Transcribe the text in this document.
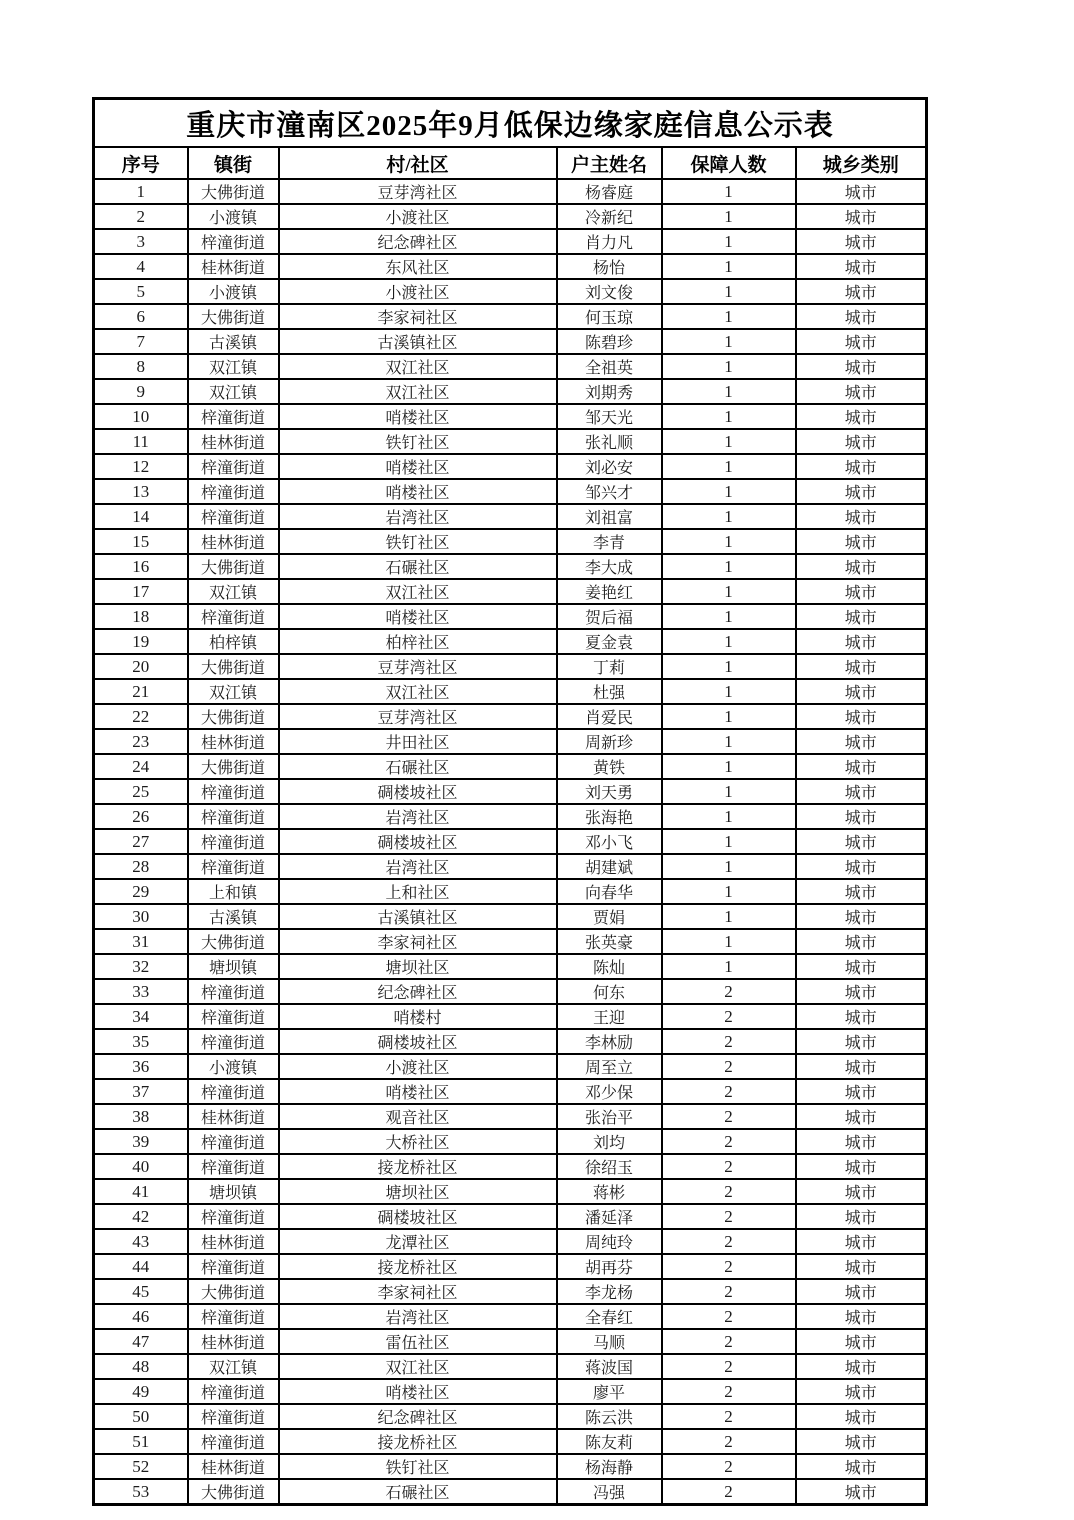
重庆市潼南区2025年9月低保边缘家庭信息公示表					
序号	镇街	村/社区	户主姓名	保障人数	城乡类别
1	大佛街道	豆芽湾社区	杨睿庭	1	城市
2	小渡镇	小渡社区	冷新纪	1	城市
3	梓潼街道	纪念碑社区	肖力凡	1	城市
4	桂林街道	东风社区	杨怡	1	城市
5	小渡镇	小渡社区	刘文俊	1	城市
6	大佛街道	李家祠社区	何玉琼	1	城市
7	古溪镇	古溪镇社区	陈碧珍	1	城市
8	双江镇	双江社区	全祖英	1	城市
9	双江镇	双江社区	刘期秀	1	城市
10	梓潼街道	哨楼社区	邹天光	1	城市
11	桂林街道	铁钉社区	张礼顺	1	城市
12	梓潼街道	哨楼社区	刘必安	1	城市
13	梓潼街道	哨楼社区	邹兴才	1	城市
14	梓潼街道	岩湾社区	刘祖富	1	城市
15	桂林街道	铁钉社区	李青	1	城市
16	大佛街道	石碾社区	李大成	1	城市
17	双江镇	双江社区	姜艳红	1	城市
18	梓潼街道	哨楼社区	贺后福	1	城市
19	柏梓镇	柏梓社区	夏金袁	1	城市
20	大佛街道	豆芽湾社区	丁莉	1	城市
21	双江镇	双江社区	杜强	1	城市
22	大佛街道	豆芽湾社区	肖爱民	1	城市
23	桂林街道	井田社区	周新珍	1	城市
24	大佛街道	石碾社区	黄铁	1	城市
25	梓潼街道	碉楼坡社区	刘天勇	1	城市
26	梓潼街道	岩湾社区	张海艳	1	城市
27	梓潼街道	碉楼坡社区	邓小飞	1	城市
28	梓潼街道	岩湾社区	胡建斌	1	城市
29	上和镇	上和社区	向春华	1	城市
30	古溪镇	古溪镇社区	贾娟	1	城市
31	大佛街道	李家祠社区	张英豪	1	城市
32	塘坝镇	塘坝社区	陈灿	1	城市
33	梓潼街道	纪念碑社区	何东	2	城市
34	梓潼街道	哨楼村	王迎	2	城市
35	梓潼街道	碉楼坡社区	李林励	2	城市
36	小渡镇	小渡社区	周至立	2	城市
37	梓潼街道	哨楼社区	邓少保	2	城市
38	桂林街道	观音社区	张治平	2	城市
39	梓潼街道	大桥社区	刘均	2	城市
40	梓潼街道	接龙桥社区	徐绍玉	2	城市
41	塘坝镇	塘坝社区	蒋彬	2	城市
42	梓潼街道	碉楼坡社区	潘延泽	2	城市
43	桂林街道	龙潭社区	周纯玲	2	城市
44	梓潼街道	接龙桥社区	胡再芬	2	城市
45	大佛街道	李家祠社区	李龙杨	2	城市
46	梓潼街道	岩湾社区	全春红	2	城市
47	桂林街道	雷伍社区	马顺	2	城市
48	双江镇	双江社区	蒋波国	2	城市
49	梓潼街道	哨楼社区	廖平	2	城市
50	梓潼街道	纪念碑社区	陈云洪	2	城市
51	梓潼街道	接龙桥社区	陈友莉	2	城市
52	桂林街道	铁钉社区	杨海静	2	城市
53	大佛街道	石碾社区	冯强	2	城市
